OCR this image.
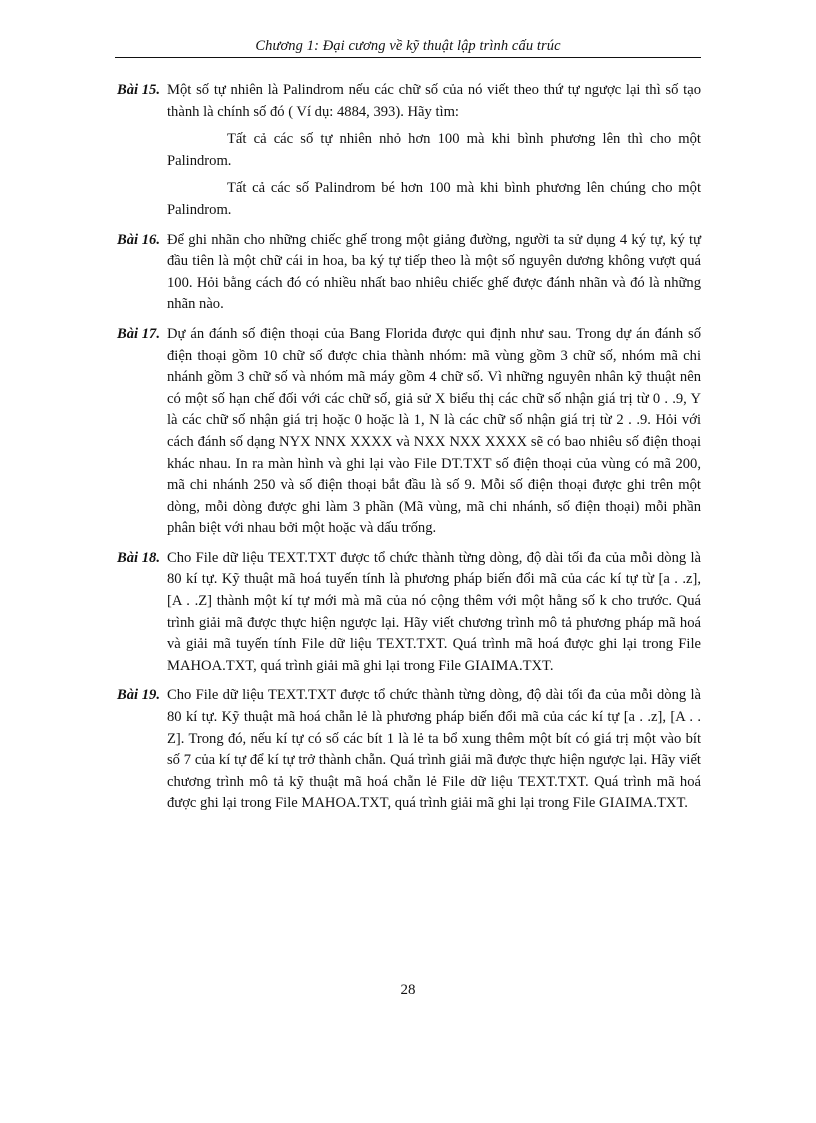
Chương 1: Đại cương về kỹ thuật lập trình cấu trúc
Bài 15. Một số tự nhiên là Palindrom nếu các chữ số của nó viết theo thứ tự ngược lại thì số tạo thành là chính số đó ( Ví dụ: 4884, 393). Hãy tìm:

Tất cả các số tự nhiên nhỏ hơn 100 mà khi bình phương lên thì cho một Palindrom.

Tất cả các số Palindrom bé hơn 100 mà khi bình phương lên chúng cho một Palindrom.

Bài 16. Để ghi nhãn cho những chiếc ghế trong một giảng đường, người ta sử dụng 4 ký tự, ký tự đầu tiên là một chữ cái in hoa, ba ký tự tiếp theo là một số nguyên dương không vượt quá 100. Hỏi bằng cách đó có nhiều nhất bao nhiêu chiếc ghế được đánh nhãn và đó là những nhãn nào.

Bài 17. Dự án đánh số điện thoại của Bang Florida được qui định như sau. Trong dự án đánh số điện thoại gồm 10 chữ số được chia thành nhóm: mã vùng gồm 3 chữ số, nhóm mã chi nhánh gồm 3 chữ số và nhóm mã máy gồm 4 chữ số. Vì những nguyên nhân kỹ thuật nên có một số hạn chế đối với các chữ số, giả sử X biểu thị các chữ số nhận giá trị từ 0 . .9, Y là các chữ số nhận giá trị hoặc 0 hoặc là 1, N là các chữ số nhận giá trị từ 2 . .9. Hỏi với cách đánh số dạng NYX NNX XXXX và NXX NXX XXXX sẽ có bao nhiêu số điện thoại khác nhau. In ra màn hình và ghi lại vào File DT.TXT số điện thoại của vùng có mã 200, mã chi nhánh 250 và số điện thoại bắt đầu là số 9. Mỗi số điện thoại được ghi trên một dòng, mỗi dòng được ghi làm 3 phần (Mã vùng, mã chi nhánh, số điện thoại) mỗi phần phân biệt với nhau bởi một hoặc và dấu trống.

Bài 18. Cho File dữ liệu TEXT.TXT được tổ chức thành từng dòng, độ dài tối đa của mỗi dòng là 80 kí tự. Kỹ thuật mã hoá tuyến tính là phương pháp biến đổi mã của các kí tự từ [a . .z], [A . .Z] thành một kí tự mới mà mã của nó cộng thêm với một hằng số k cho trước. Quá trình giải mã được thực hiện ngược lại. Hãy viết chương trình mô tả phương pháp mã hoá và giải mã tuyến tính File dữ liệu TEXT.TXT. Quá trình mã hoá được ghi lại trong File MAHOA.TXT, quá trình giải mã ghi lại trong File GIAIMA.TXT.

Bài 19. Cho File dữ liệu TEXT.TXT được tổ chức thành từng dòng, độ dài tối đa của mỗi dòng là 80 kí tự. Kỹ thuật mã hoá chẵn lẻ là phương pháp biến đổi mã của các kí tự [a . .z], [A . . Z]. Trong đó, nếu kí tự có số các bít 1 là lẻ ta bổ xung thêm một bít có giá trị một vào bít số 7 của kí tự để kí tự trở thành chẵn. Quá trình giải mã được thực hiện ngược lại. Hãy viết chương trình mô tả kỹ thuật mã hoá chẵn lẻ File dữ liệu TEXT.TXT. Quá trình mã hoá được ghi lại trong File MAHOA.TXT, quá trình giải mã ghi lại trong File GIAIMA.TXT.

28
